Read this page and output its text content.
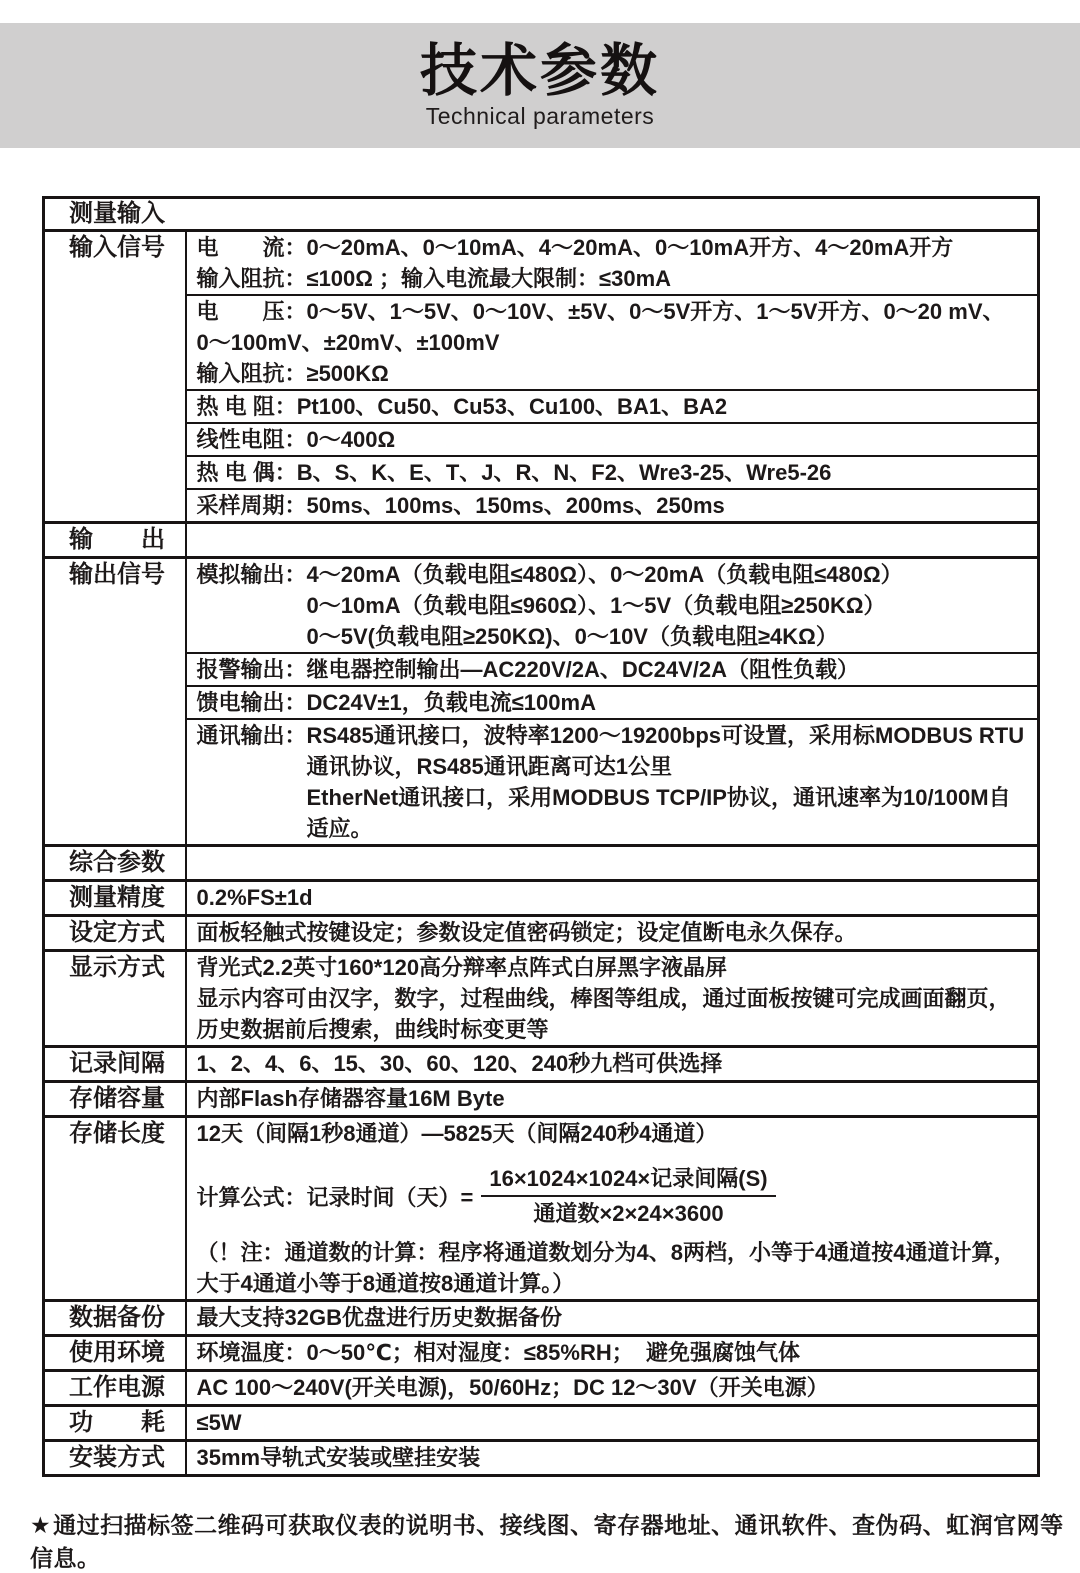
技术参数
Technical parameters
测量输入	
输入信号	电　　流：0～20mA、0～10mA、4～20mA、0～10mA开方、4～20mA开方
输入阻抗：≤100Ω ；输入电流最大限制：≤30mA

	电　　压：0～5V、1～5V、0～10V、±5V、0～5V开方、1～5V开方、0～20 mV、
0～100mV、±20mV、±100mV
输入阻抗：≥500KΩ

	热 电 阻：Pt100、Cu50、Cu53、Cu100、BA1、BA2

	线性电阻：0～400Ω

	热 电 偶：B、S、K、E、T、J、R、N、F2、Wre3-25、Wre5-26

	采样周期：50ms、100ms、150ms、200ms、250ms

输　　出	
输出信号	模拟输出：4～20mA（负载电阻≤480Ω）、0～20mA（负载电阻≤480Ω）
0～10mA（负载电阻≤960Ω）、1～5V（负载电阻≥250KΩ）
0～5V(负载电阻≥250KΩ)、0～10V（负载电阻≥4KΩ）

	报警输出：继电器控制输出—AC220V/2A、DC24V/2A（阻性负载）

	馈电输出：DC24V±1，负载电流≤100mA

	通讯输出：RS485通讯接口，波特率1200～19200bps可设置，采用标MODBUS RTU
通讯协议，RS485通讯距离可达1公里
EtherNet通讯接口，采用MODBUS TCP/IP协议，通讯速率为10/100M自适应。

综合参数	
测量精度	0.2%FS±1d

设定方式	面板轻触式按键设定；参数设定值密码锁定；设定值断电永久保存。

显示方式	背光式2.2英寸160*120高分辩率点阵式白屏黑字液晶屏
显示内容可由汉字，数字，过程曲线，棒图等组成，通过面板按键可完成画面翻页，
历史数据前后搜索，曲线时标变更等

记录间隔	1、2、4、6、15、30、60、120、240秒九档可供选择

存储容量	内部Flash存储器容量16M Byte

存储长度	12天（间隔1秒8通道）—5825天（间隔240秒4通道）
计算公式：记录时间（天）= $\frac{\text{16×1024×1024×记录间隔(S)}}{\text{通道数×2×24×3600}}$
（！注：通道数的计算：程序将通道数划分为4、8两档，小等于4通道按4通道计算，
大于4通道小等于8通道按8通道计算。）

数据备份	最大支持32GB优盘进行历史数据备份

使用环境	环境温度：0～50℃；相对湿度：≤85%RH；  避免强腐蚀气体

工作电源	AC 100～240V(开关电源)，50/60Hz；DC 12～30V（开关电源）

功　　耗	≤5W

安装方式	35mm导轨式安装或壁挂安装
★通过扫描标签二维码可获取仪表的说明书、接线图、寄存器地址、通讯软件、查伪码、虹润官网等信息。
